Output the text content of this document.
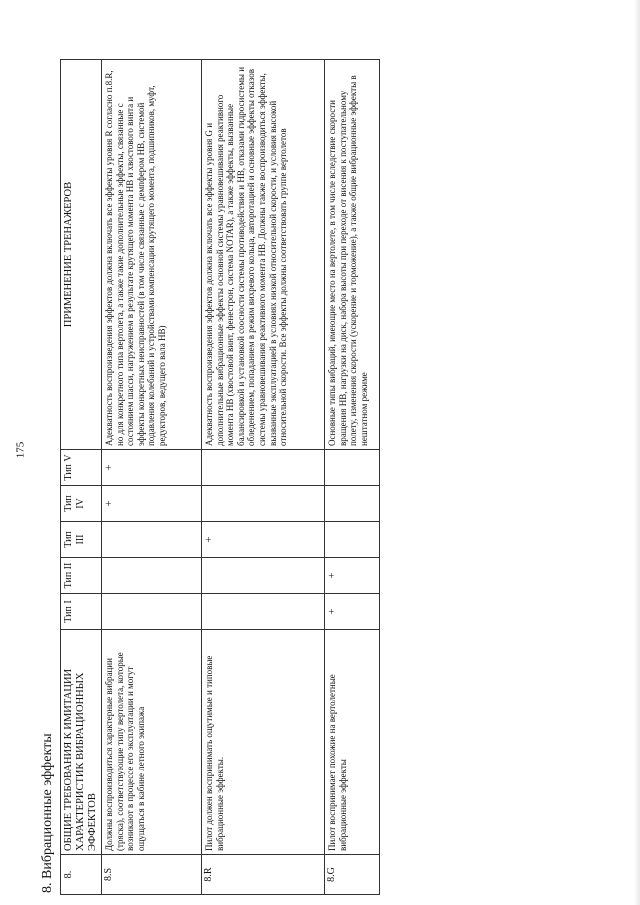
175
8. Вибрационные эффекты 8.	ОБЩИЕ ТРЕБОВАНИЯ К ИМИТАЦИИ ХАРАКТЕРИСТИК ВИБРАЦИОННЫХ ЭФФЕКТОВ	Тип I	Тип II	Тип III	Тип IV	Тип V	ПРИМЕНЕНИЕ ТРЕНАЖЕРОВ
8.S	Должны воспроизводиться характерные вибрации (тряска), соответствующие типу вертолета, которые возникают в процессе его эксплуатации и могут ощущаться в кабине летного экипажа				+	+	Адекватность воспроизведения эффектов должна включать все эффекты уровня R согласно п.8.R, но для конкретного типа вертолета, а также такие дополнительные эффекты, связанные с состоянием шасси, нагружением в результате крутящего момента НВ и хвостового винта и эффекты конкретных неисправностей (в том числе связанные с демпфером НВ, системой подавления колебаний и устройствами компенсации крутящего момента, подшипников, муфт, редукторов, ведущего вала НВ)
8.R	Пилот должен воспринимать ощутимые и типовые вибрационные эффекты.			+			Адекватность воспроизведения эффектов должна включать все эффекты уровня G и дополнительные вибрационные эффекты основной системы уравновешивания реактивного момента НВ (хвостовой винт, фенестрон, система NOTAR), а также эффекты, вызванные балансировкой и установкой соосности системы противодействия и НВ, отказами гидросистемы и обледенением, попаданием в режим вихревого кольца, авторотацией и основные эффекты отказов системы уравновешивания реактивного момента НВ. Должны также воспроизводиться эффекты, вызванные эксплуатацией в условиях низкой относительной скорости, и условия высокой относительной скорости. Все эффекты должны соответствовать группе вертолетов
8.G	Пилот воспринимает похожие на вертолетные вибрационные эффекты	+	+				Основные типы вибраций, имеющие место на вертолете, в том числе вследствие скорости вращения НВ, нагрузки на диск, набора высоты при переходе от висения к поступательному полету, изменения скорости (ускорение и торможение), а также общие вибрационные эффекты в нештатном режиме
